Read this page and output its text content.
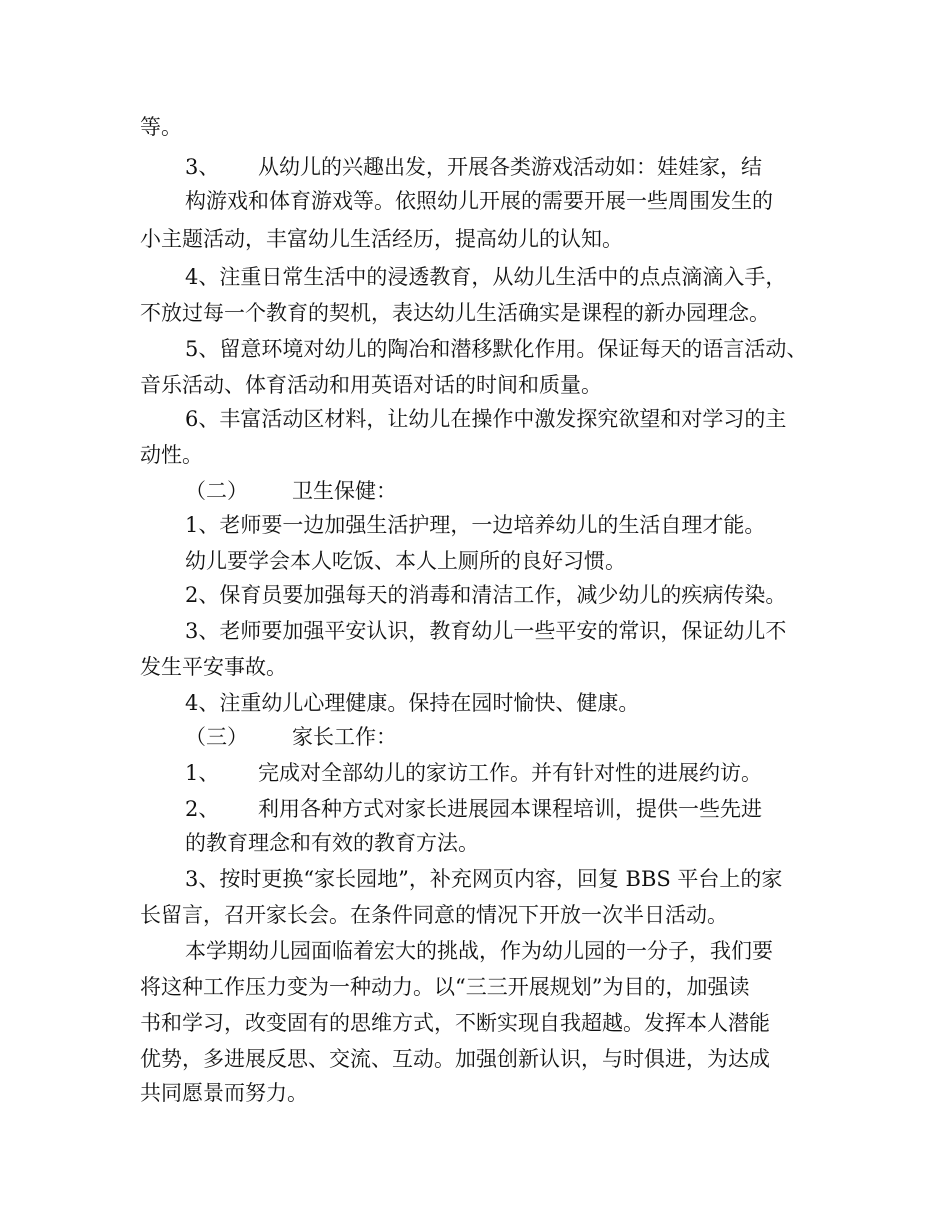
等。

3、 从幼儿的兴趣出发，开展各类游戏活动如：娃娃家，结

构游戏和体育游戏等。依照幼儿开展的需要开展一些周围发生的

小主题活动，丰富幼儿生活经历，提高幼儿的认知。

4、注重日常生活中的浸透教育，从幼儿生活中的点点滴滴入手，

不放过每一个教育的契机，表达幼儿生活确实是课程的新办园理念。

5、留意环境对幼儿的陶冶和潜移默化作用。保证每天的语言活动、

音乐活动、体育活动和用英语对话的时间和质量。

6、丰富活动区材料，让幼儿在操作中激发探究欲望和对学习的主

动性。

（二） 卫生保健：

1、老师要一边加强生活护理，一边培养幼儿的生活自理才能。

幼儿要学会本人吃饭、本人上厕所的良好习惯。

2、保育员要加强每天的消毒和清洁工作，减少幼儿的疾病传染。

3、老师要加强平安认识，教育幼儿一些平安的常识，保证幼儿不

发生平安事故。

4、注重幼儿心理健康。保持在园时愉快、健康。

（三） 家长工作：

1、 完成对全部幼儿的家访工作。并有针对性的进展约访。

2、 利用各种方式对家长进展园本课程培训，提供一些先进

的教育理念和有效的教育方法。

3、按时更换“家长园地”，补充网页内容，回复 BBS 平台上的家

长留言，召开家长会。在条件同意的情况下开放一次半日活动。

本学期幼儿园面临着宏大的挑战，作为幼儿园的一分子，我们要

将这种工作压力变为一种动力。以“三三开展规划”为目的，加强读

书和学习，改变固有的思维方式，不断实现自我超越。发挥本人潜能

优势，多进展反思、交流、互动。加强创新认识，与时俱进，为达成

共同愿景而努力。
